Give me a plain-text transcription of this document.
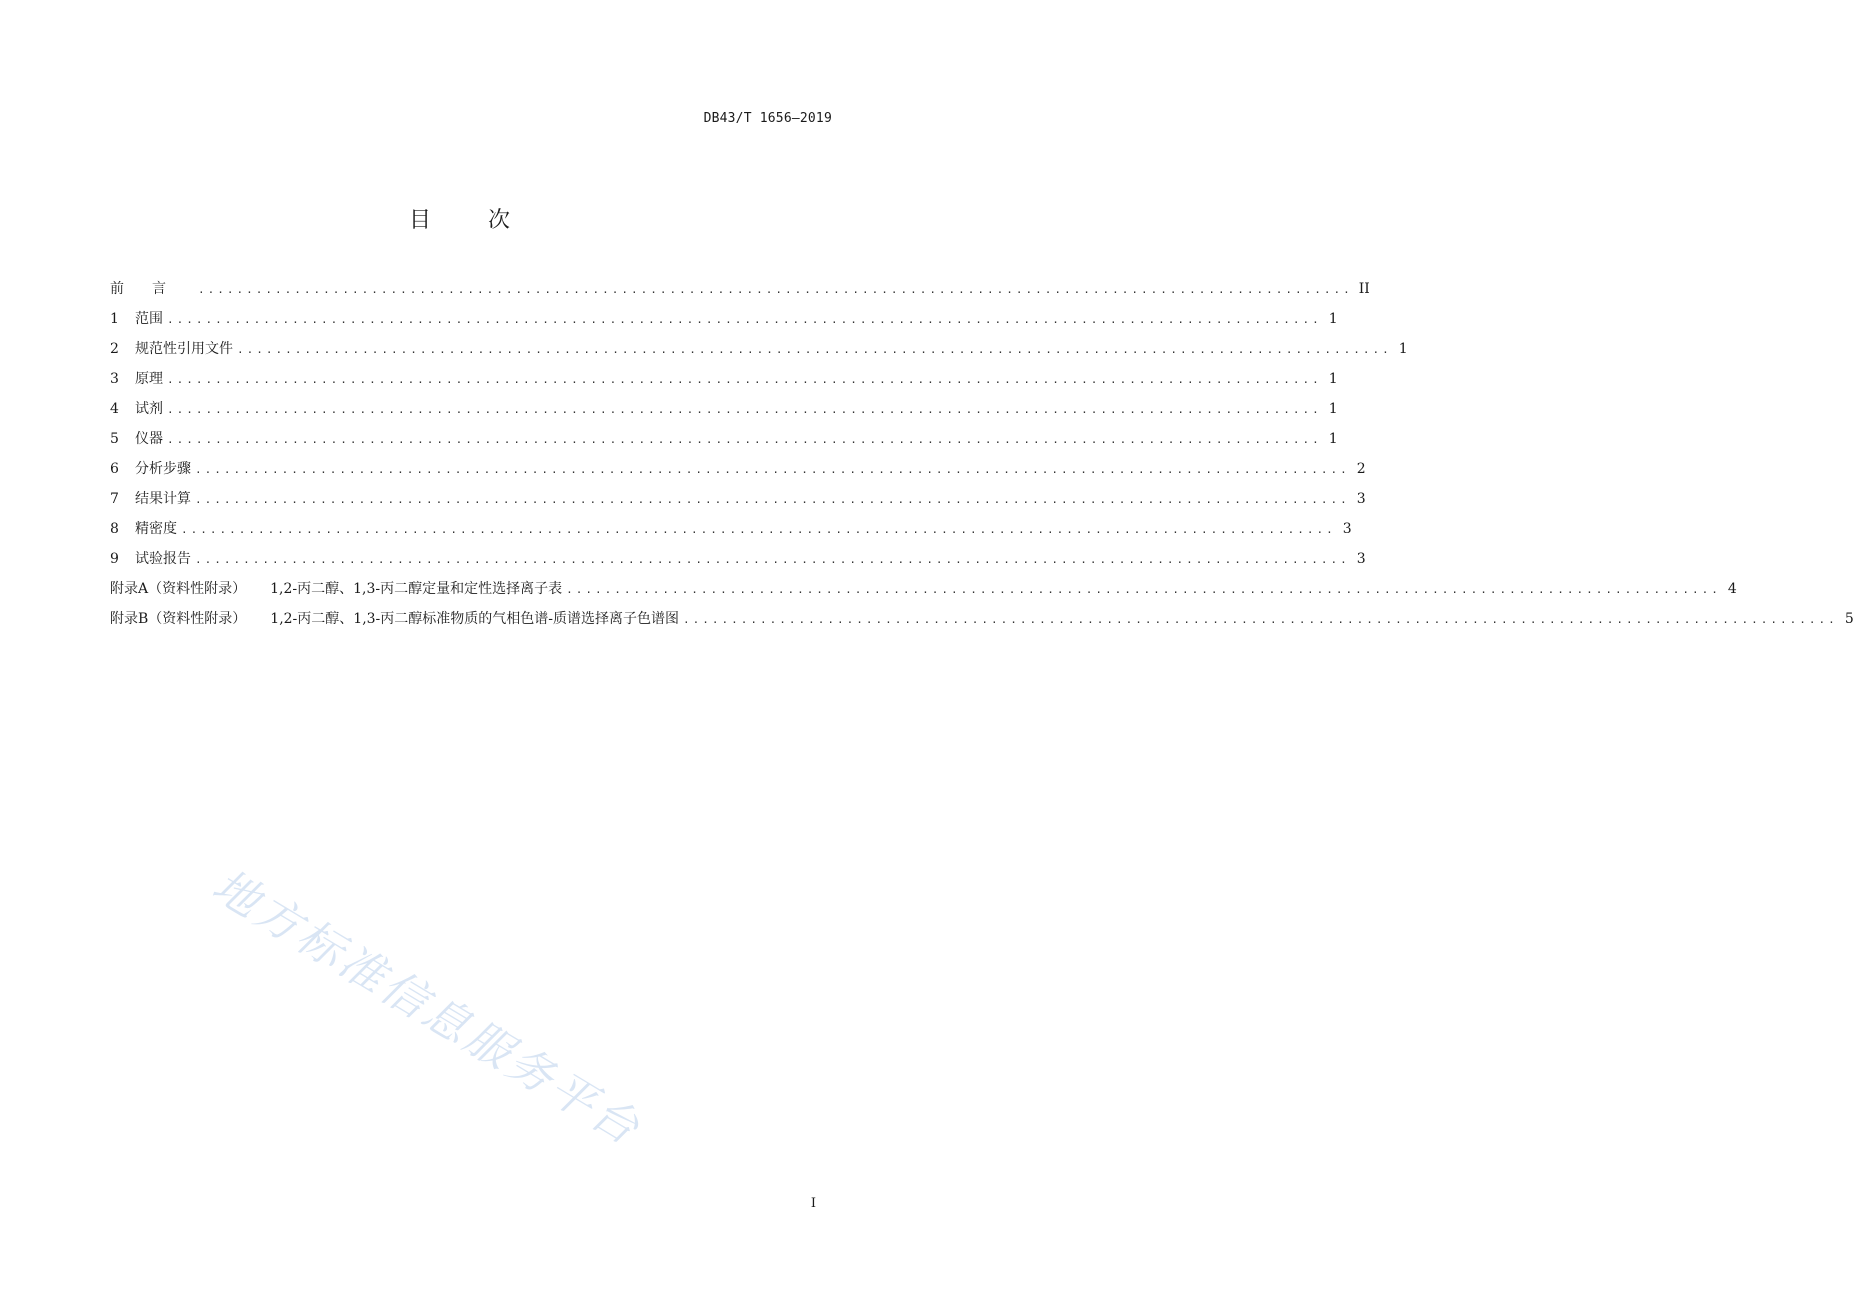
DB43/T 1656—2019
目	次
前言 ........................................................................................................................ II
1	范围 ........................................................................................................................ 1
2	规范性引用文件 ........................................................................................................................ 1
3	原理 ........................................................................................................................ 1
4	试剂 ........................................................................................................................ 1
5	仪器 ........................................................................................................................ 1
6	分析步骤 ........................................................................................................................ 2
7	结果计算 ........................................................................................................................ 3
8	精密度 ........................................................................................................................ 3
9	试验报告 ........................................................................................................................ 3
附录A（资料性附录） 1,2-丙二醇、1,3-丙二醇定量和定性选择离子表 ........................................................................................................................ 4
附录B（资料性附录） 1,2-丙二醇、1,3-丙二醇标准物质的气相色谱-质谱选择离子色谱图 ........................................................................................................................ 5
地方标准信息服务平台
I
